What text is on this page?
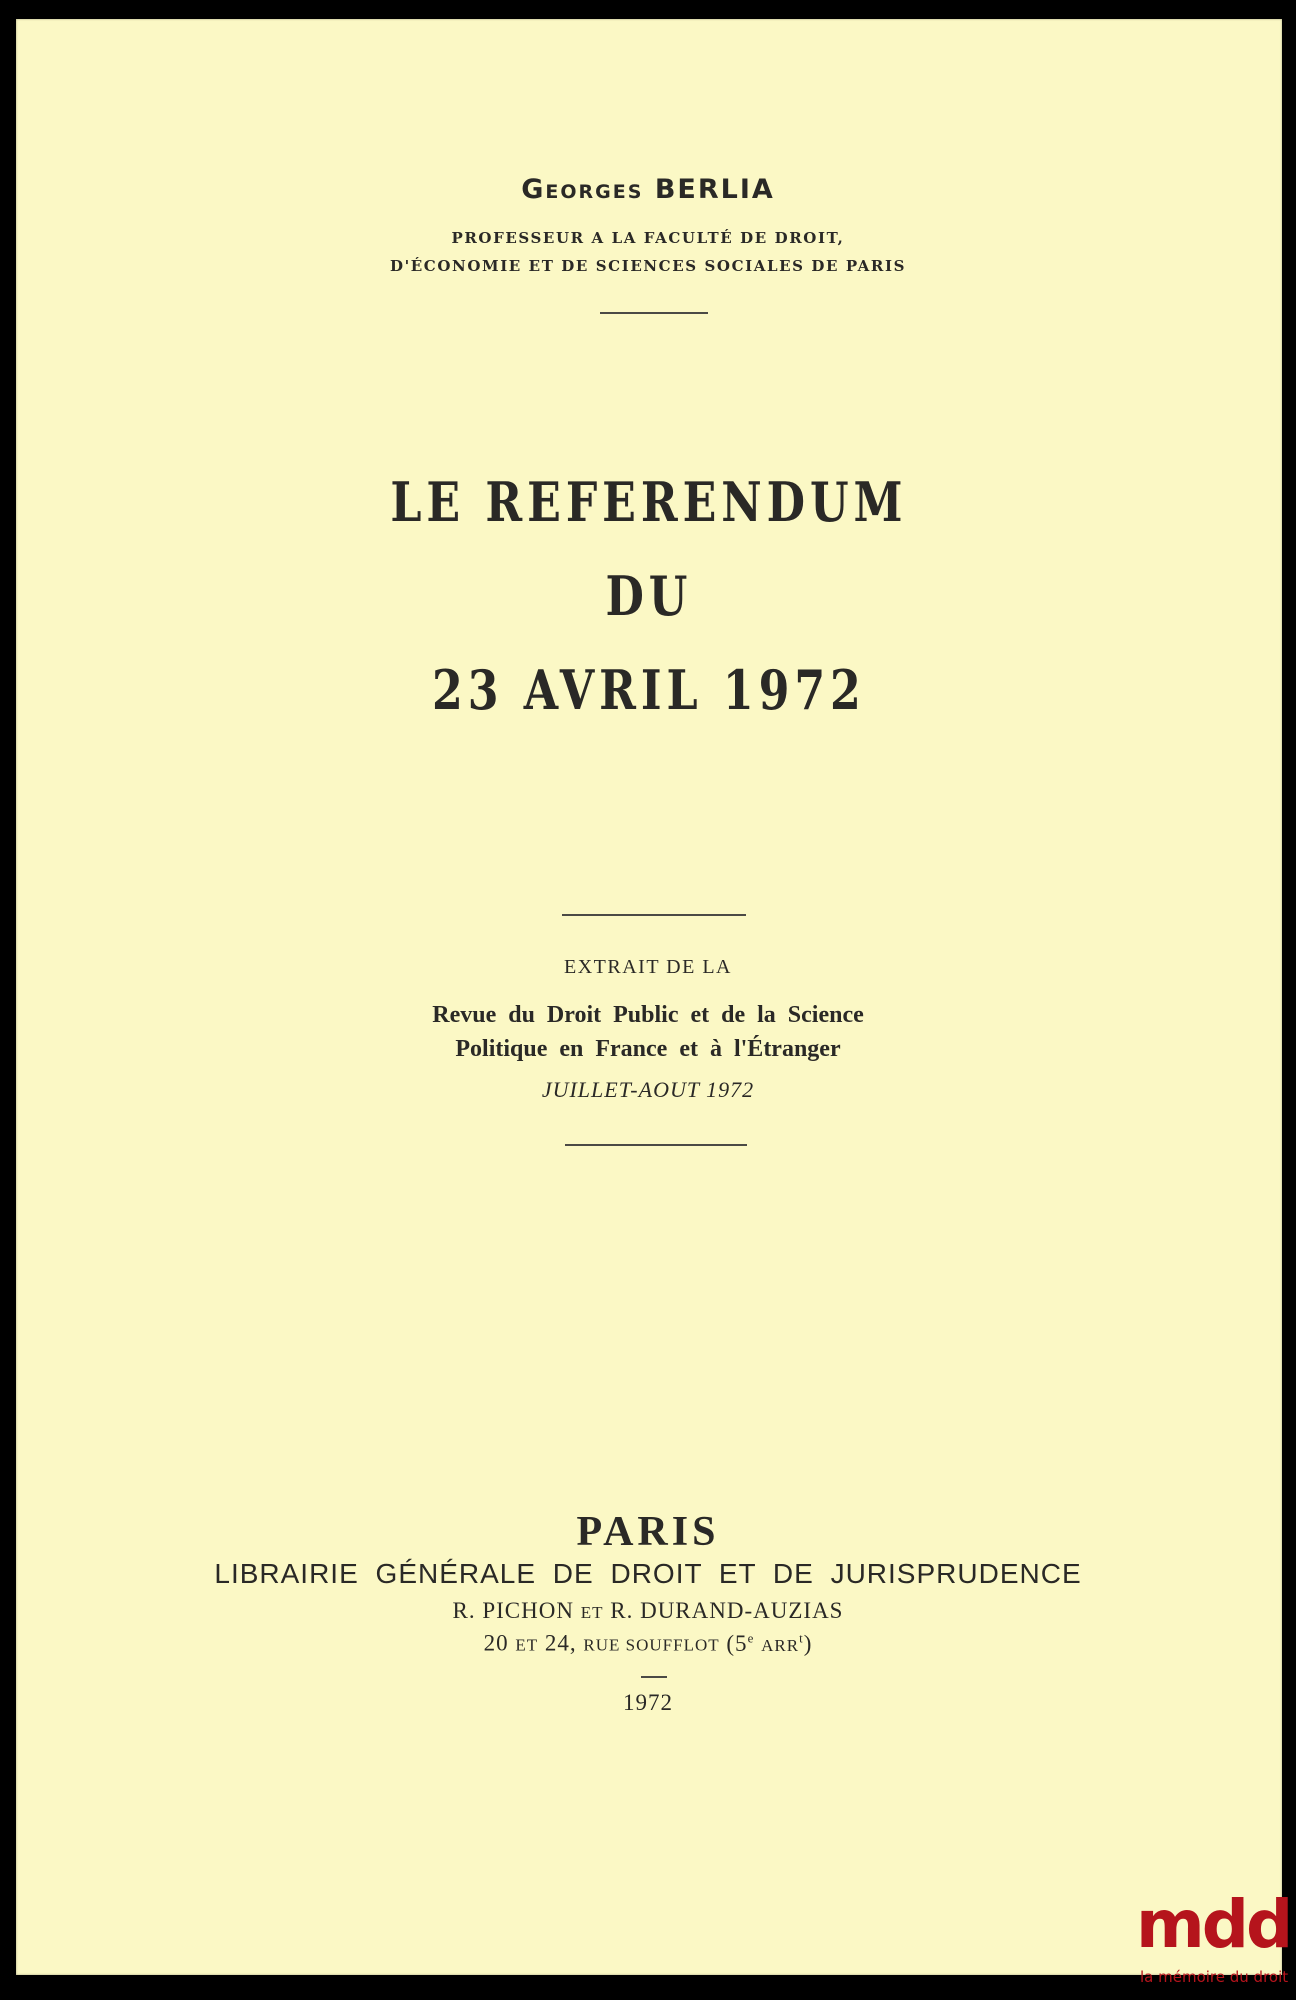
Georges BERLIA
PROFESSEUR A LA FACULTÉ DE DROIT,
D'ÉCONOMIE ET DE SCIENCES SOCIALES DE PARIS
LE REFERENDUM
DU
23 AVRIL 1972
EXTRAIT DE LA
Revue du Droit Public et de la Science
Politique en France et à l'Étranger
JUILLET-AOUT 1972
PARIS
LIBRAIRIE GÉNÉRALE DE DROIT ET DE JURISPRUDENCE
R. PICHON ET R. DURAND-AUZIAS
20 ET 24, RUE SOUFFLOT (5e ARR$^t$)
1972
mdd
la mémoire du droit
